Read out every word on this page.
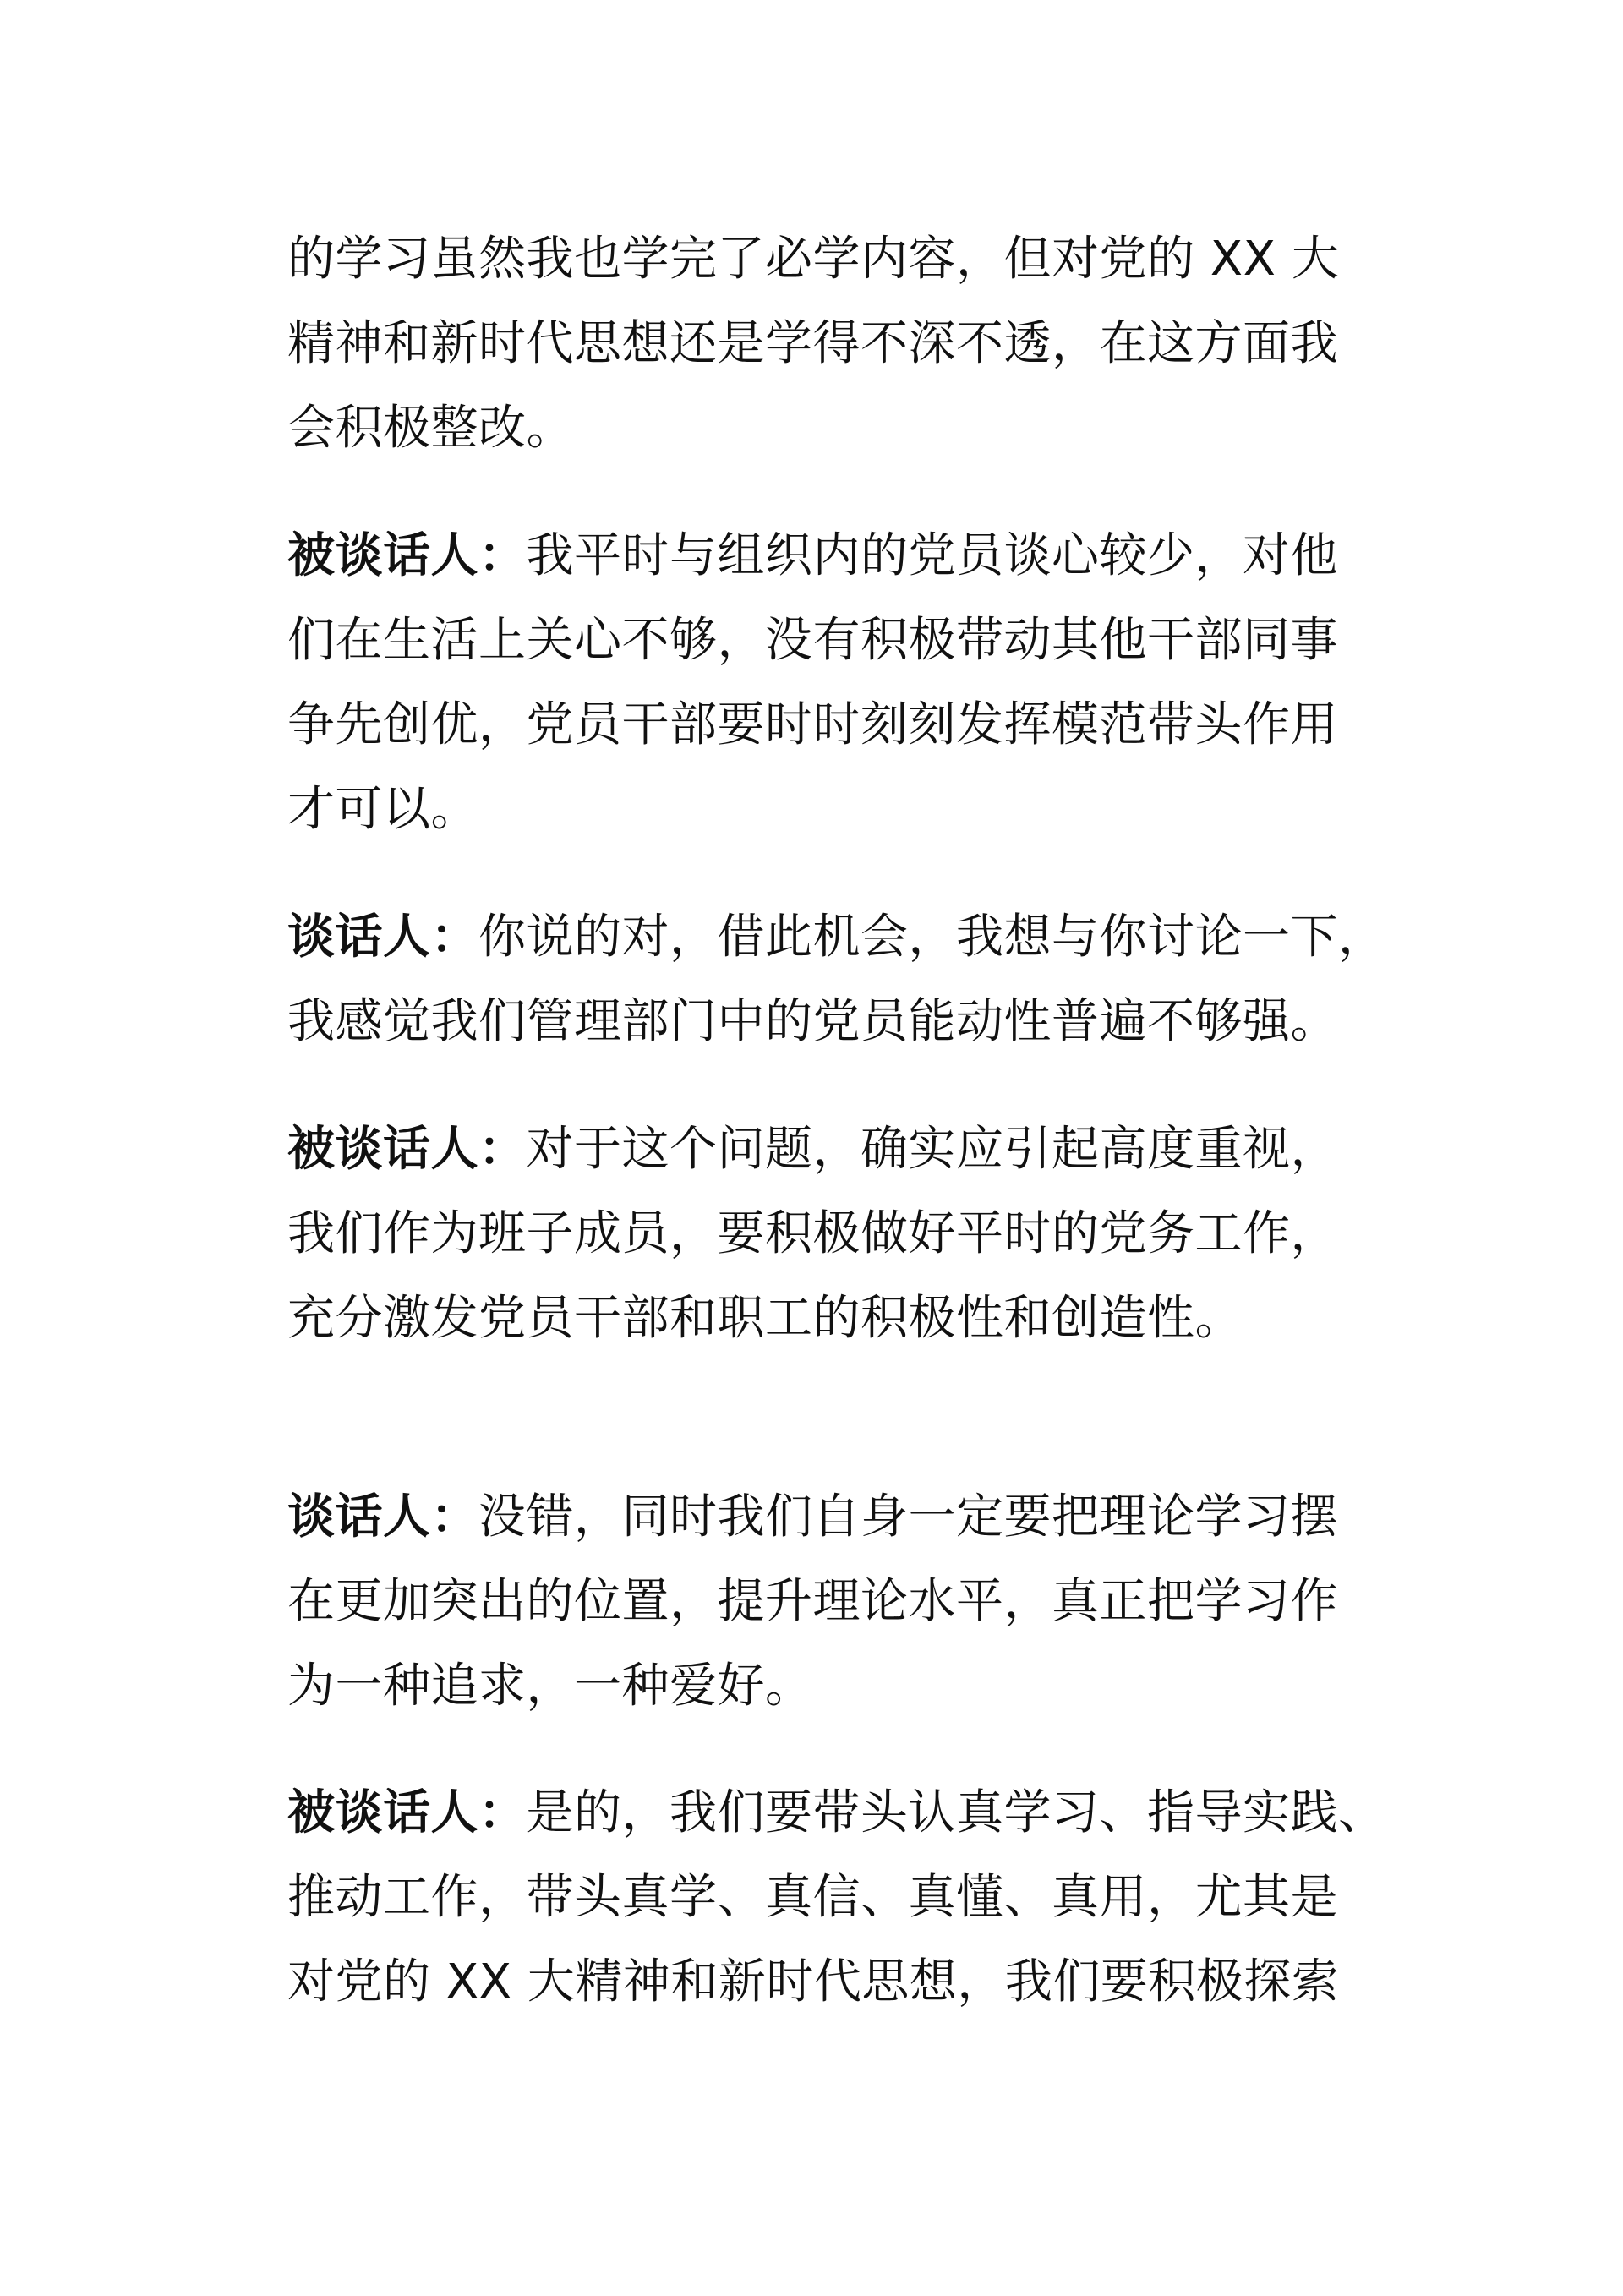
的学习虽然我也学完了必学内容，但对党的 XX 大
精神和新时代思想还是学得不深不透，在这方面我
会积极整改。
被谈话人：我平时与组织内的党员谈心较少，对他
们在生活上关心不够，没有积极带动其他干部同事
争先创优，党员干部要时时刻刻发挥模范带头作用
才可以。
谈话人：你说的对，借此机会，我想与你讨论一下，
我感觉我们管理部门中的党员能动性普遍不够强。
被谈话人：对于这个问题，确实应引起高度重视，
我们作为班子成员，要积极做好平时的党务工作，
充分激发党员干部和职工的积极性和创造性。
谈话人：没错，同时我们自身一定要把理论学习摆
在更加突出的位置，提升理论水平，真正把学习作
为一种追求，一种爱好。
被谈话人：是的，我们要带头认真学习、指导实践、
推动工作，带头真学、真信、真懂、真用，尤其是
对党的 XX 大精神和新时代思想，我们要积极探索
